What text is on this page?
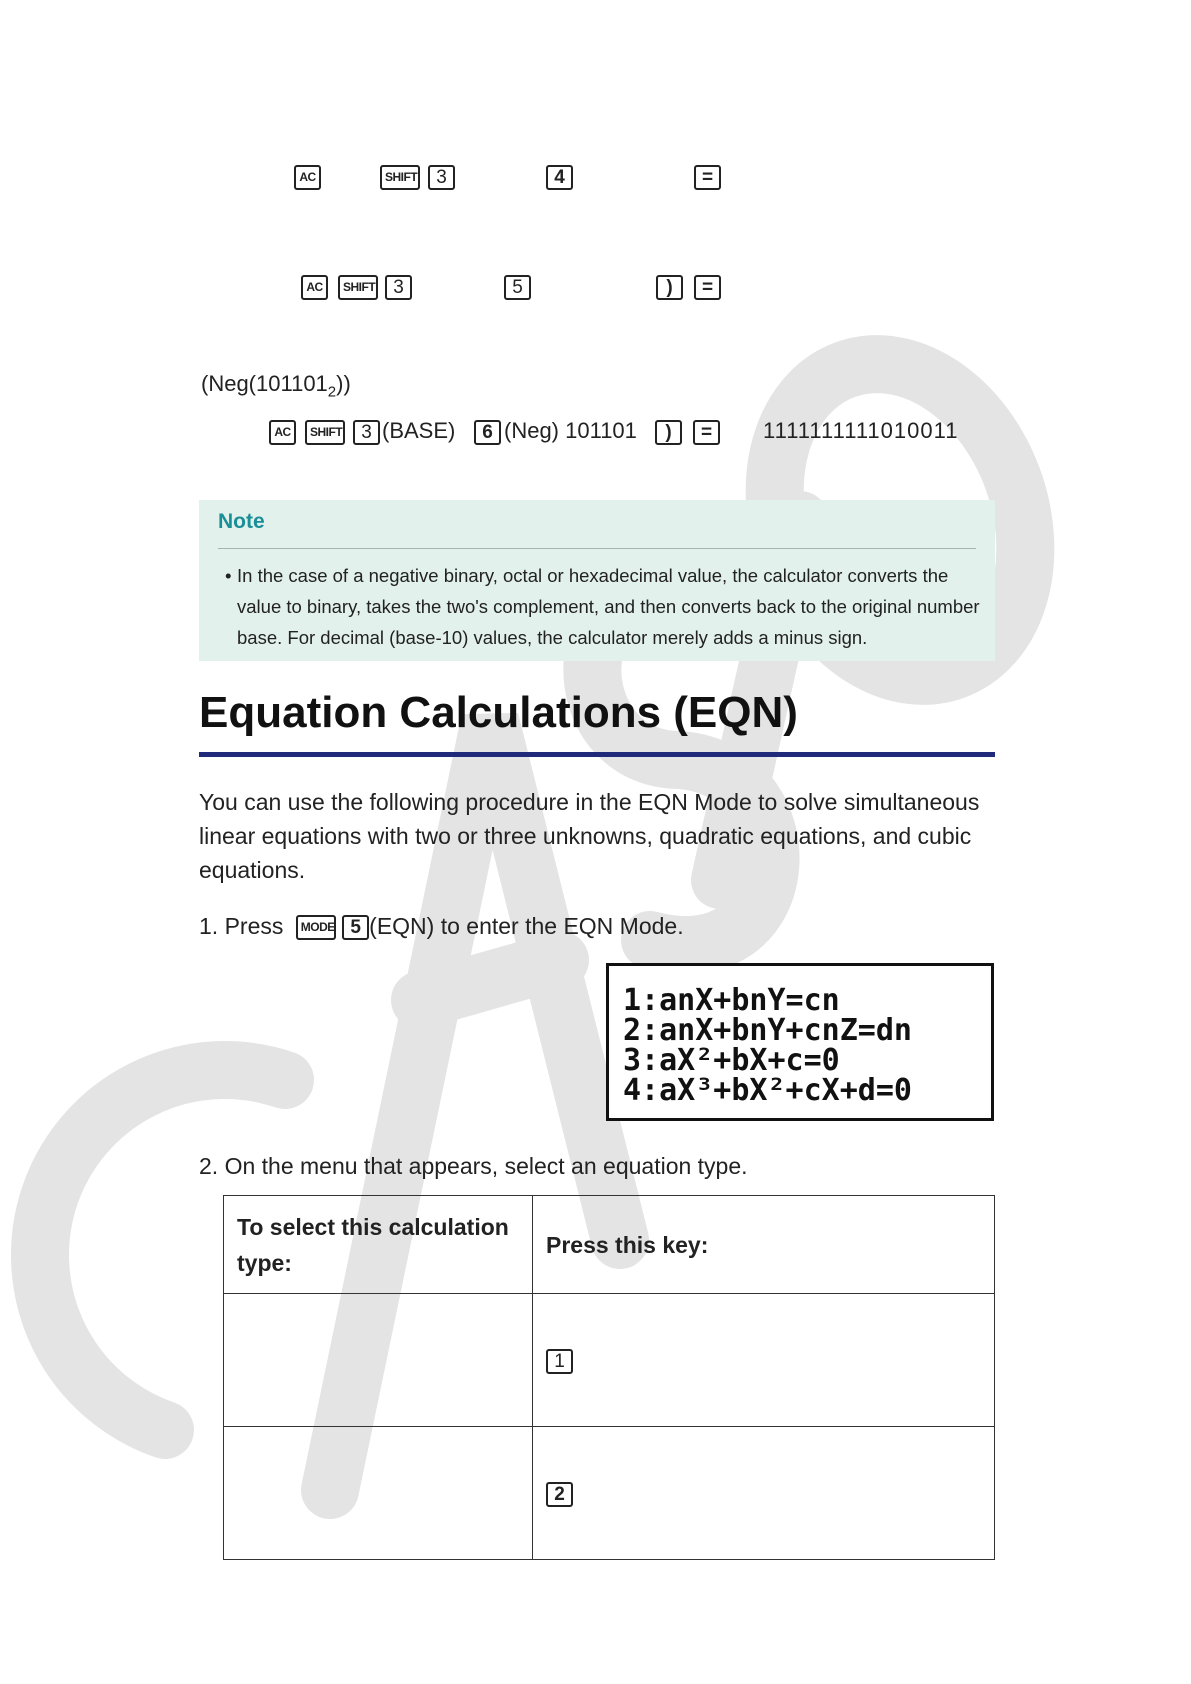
AC	SHIFT	3	4	=
AC	SHIFT 3	5	)	=
$(Neg(101101_2))$
AC	SHIFT	3 (BASE)	6 (Neg) 101101	)	=	1111111111010011
Note
• In the case of a negative binary, octal or hexadecimal value, the calculator converts the value to binary, takes the two's complement, and then converts back to the original number base. For decimal (base-10) values, the calculator merely adds a minus sign.
Equation Calculations (EQN)
You can use the following procedure in the EQN Mode to solve simultaneous linear equations with two or three unknowns, quadratic equations, and cubic equations.
1. Press MODE 5 (EQN) to enter the EQN Mode.
1:anX+bnY=cn
2:anX+bnY+cnZ=dn
3:aX²+bX+c=0
4:aX³+bX²+cX+d=0
2. On the menu that appears, select an equation type.
To select this calculation type:	Press this key:
	1
	2
